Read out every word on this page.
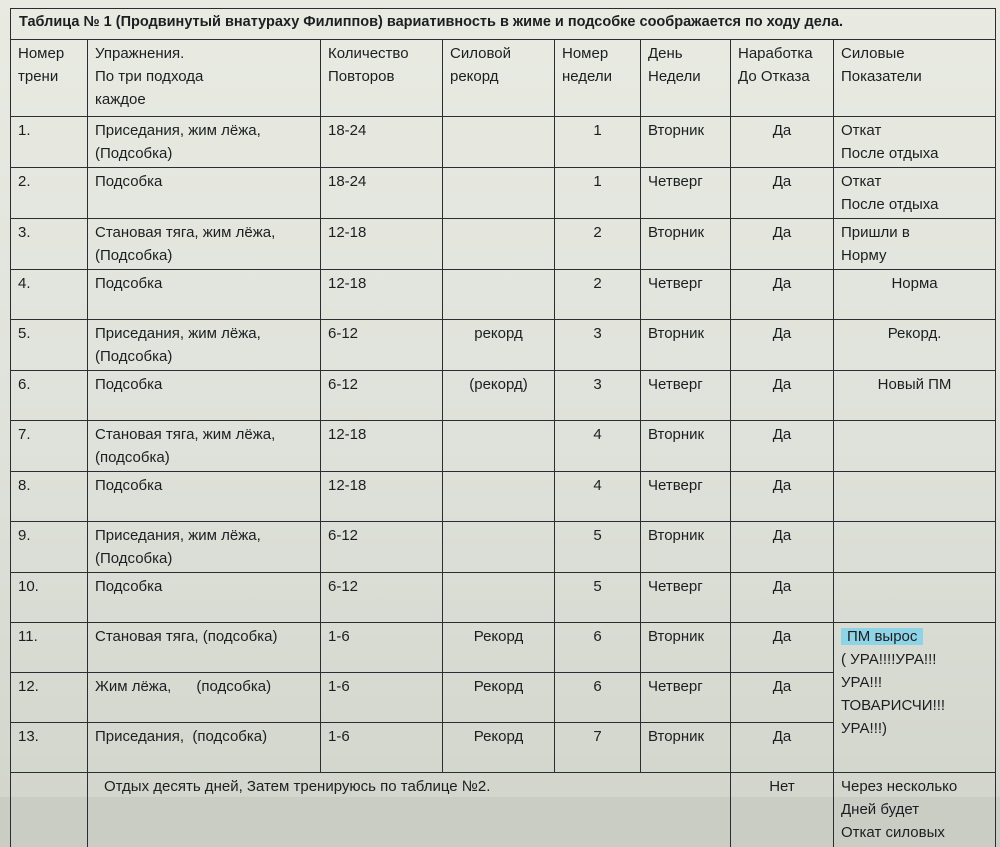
Таблица № 1 (Продвинутый внатураху Филиппов) вариативность в жиме и подсобке соображается по ходу дела.							

Номер
трени	Упражнения.
По три подхода
каждое	Количество
Повторов	Силовой
рекорд	Номер
недели	День
Недели	Наработка
До Отказа	Силовые
Показатели

1.	Приседания, жим лёжа,
(Подсобка)	18-24		1	Вторник	Да	Откат
После отдыха

2.	Подсобка	18-24		1	Четверг	Да	Откат
После отдыха

3.	Становая тяга, жим лёжа,
(Подсобка)	12-18		2	Вторник	Да	Пришли в
Норму

4.	Подсобка	12-18		2	Четверг	Да	Норма

5.	Приседания, жим лёжа,
(Подсобка)	6-12	рекорд	3	Вторник	Да	Рекорд.

6.	Подсобка	6-12	(рекорд)	3	Четверг	Да	Новый ПМ

7.	Становая тяга, жим лёжа,
(подсобка)	12-18		4	Вторник	Да	

8.	Подсобка	12-18		4	Четверг	Да	

9.	Приседания, жим лёжа,
(Подсобка)	6-12		5	Вторник	Да	

10.	Подсобка	6-12		5	Четверг	Да	

11.	Становая тяга, (подсобка)	1-6	Рекорд	6	Вторник	Да	ПМ вырос
( УРА!!!!УРА!!!
УРА!!!
ТОВАРИСЧИ!!!
УРА!!!)

12.	Жим лёжа,      (подсобка)	1-6	Рекорд	6	Четверг	Да	

13.	Приседания,  (подсобка)	1-6	Рекорд	7	Вторник	Да	

	Отдых десять дней, Затем тренируюсь по таблице №2.					Нет	Через несколько
Дней будет
Откат силовых
